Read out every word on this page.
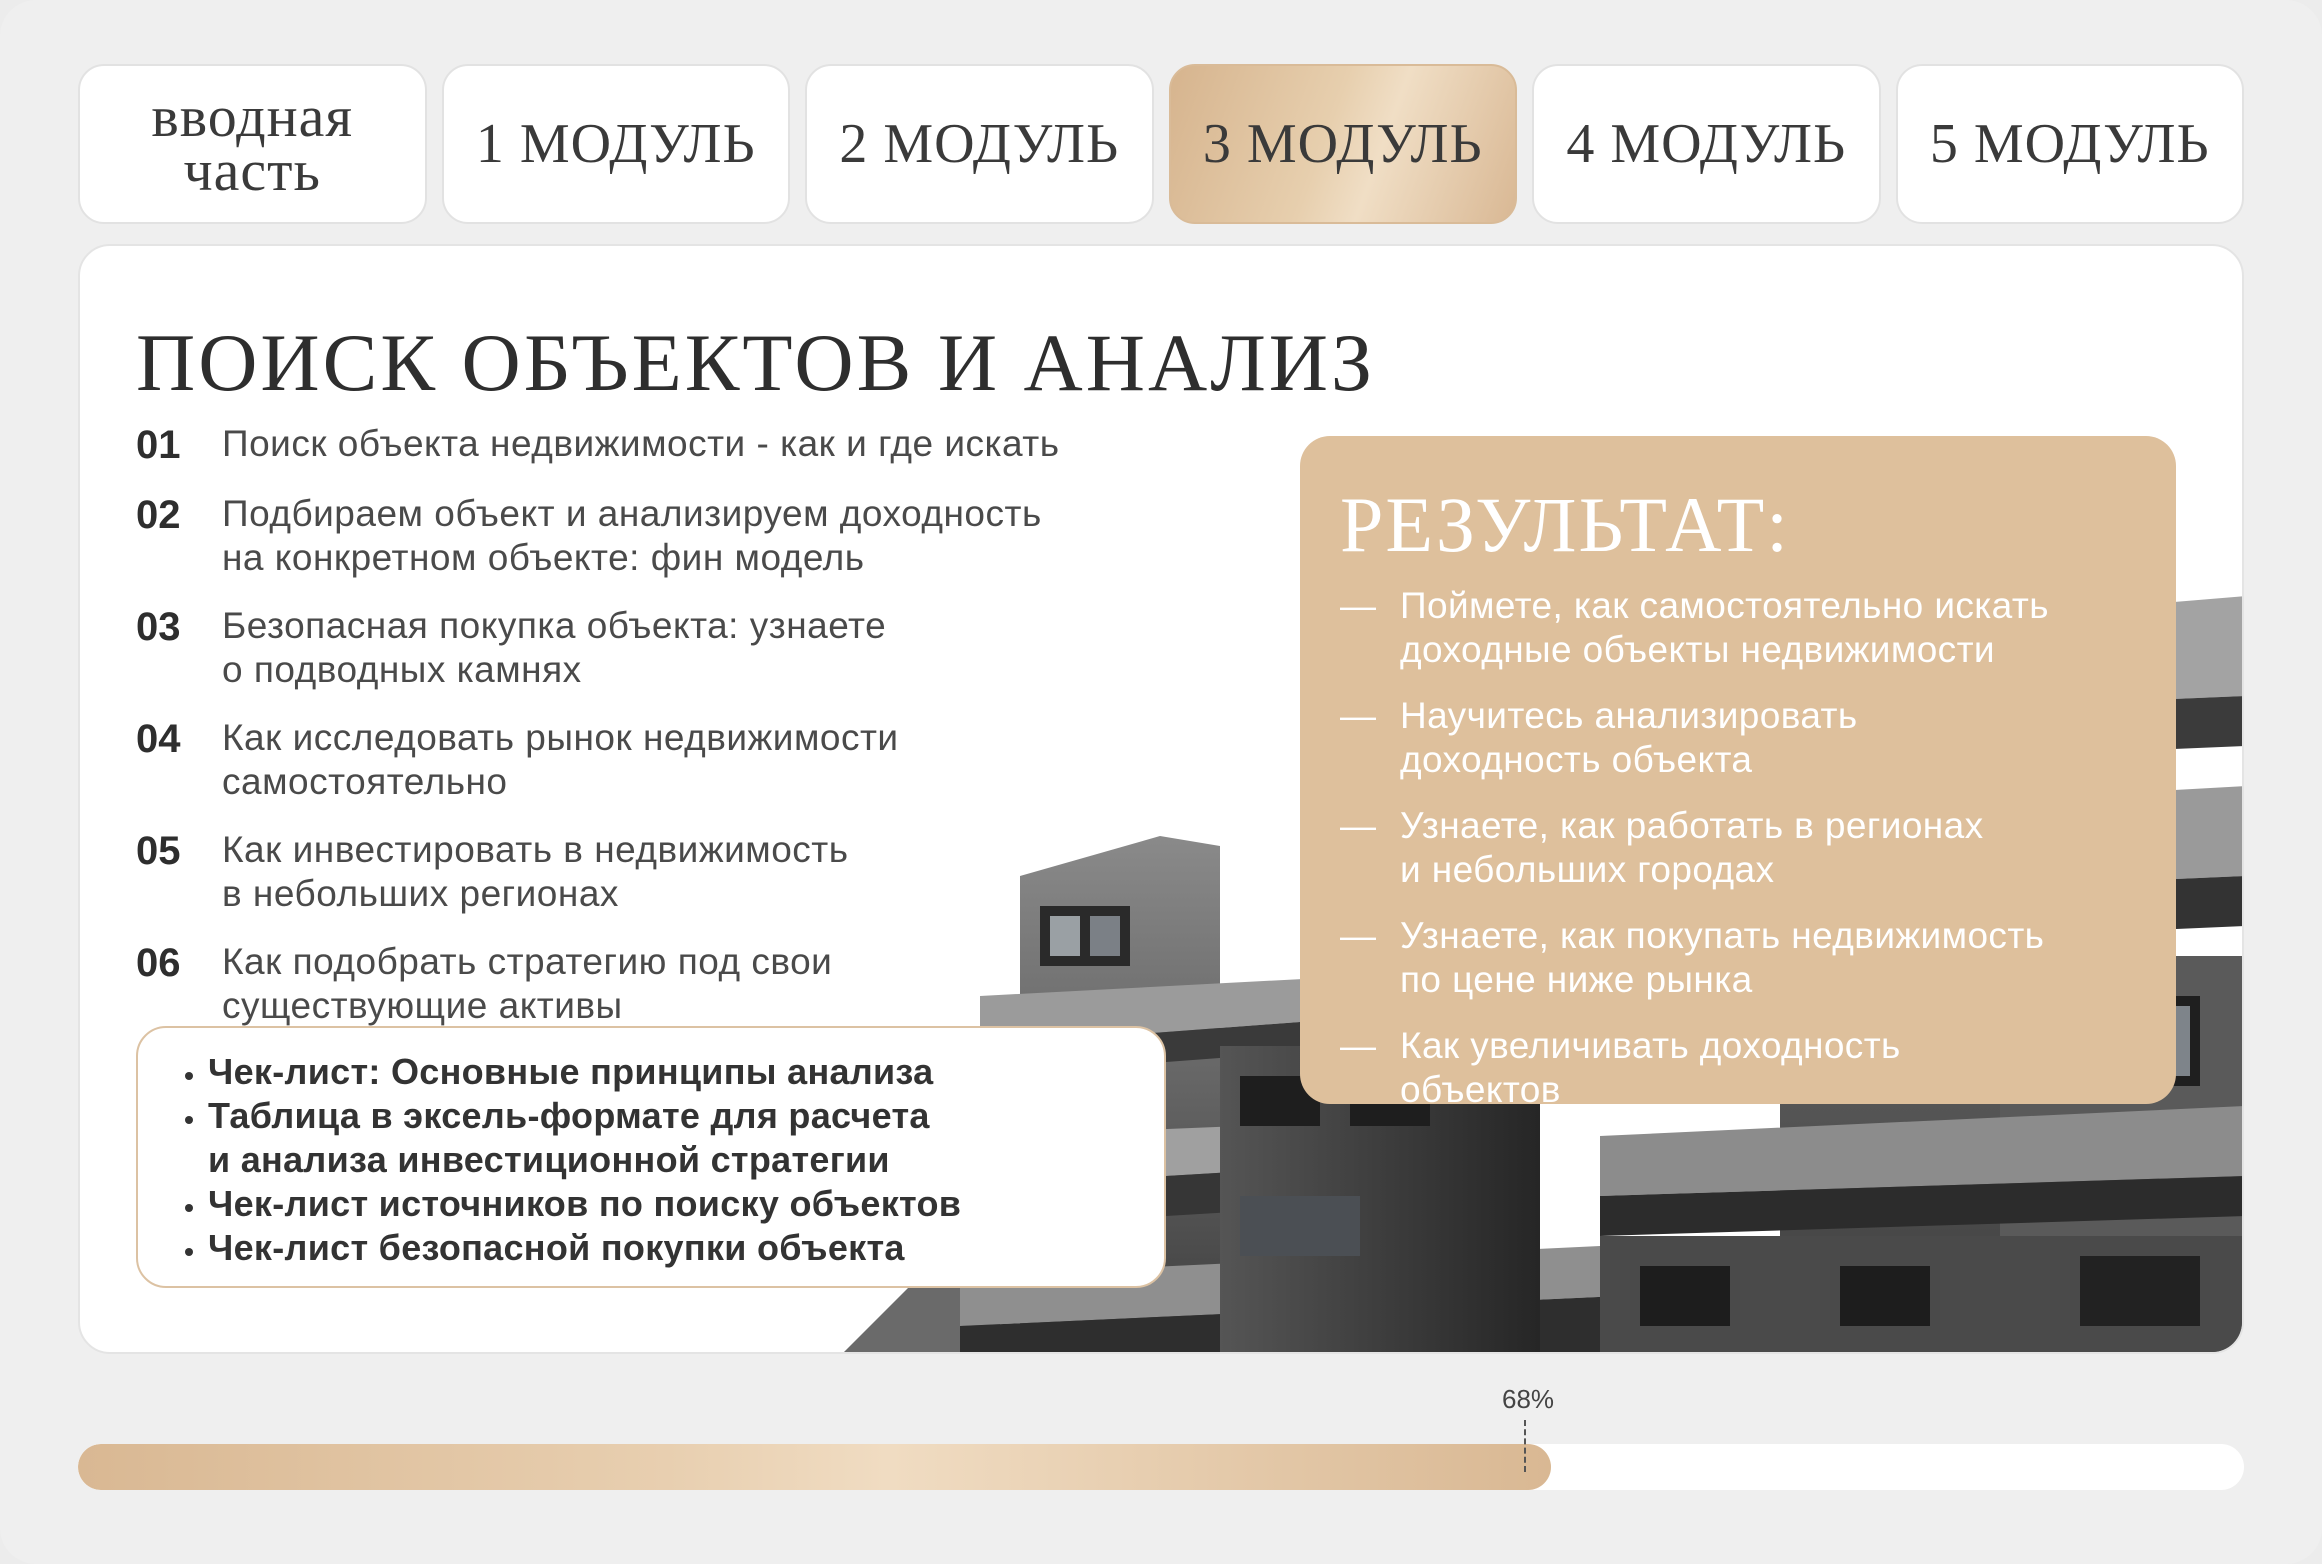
вводная
часть	1 МОДУЛЬ 2 МОДУЛЬ 3 МОДУЛЬ 4 МОДУЛЬ 5 МОДУЛЬ
ПОИСК ОБЪЕКТОВ И АНАЛИЗ
01	Поиск объекта недвижимости - как и где искать
02	Подбираем объект и анализируем доходность
на конкретном объекте: фин модель
03	Безопасная покупка объекта: узнаете
о подводных камнях
04	Как исследовать рынок недвижимости
самостоятельно
05	Как инвестировать в недвижимость
в небольших регионах
06	Как подобрать стратегию под свои
существующие активы
• Чек-лист: Основные принципы анализа
• Таблица в эксель-формате для расчета
и анализа инвестиционной стратегии
• Чек-лист источников по поиску объектов
• Чек-лист безопасной покупки объекта
РЕЗУЛЬТАТ:
— Поймете, как самостоятельно искать
доходные объекты недвижимости
— Научитесь анализировать
доходность объекта
— Узнаете, как работать в регионах
и небольших городах
— Узнаете, как покупать недвижимость
по цене ниже рынка
— Как увеличивать доходность
объектов
68%
